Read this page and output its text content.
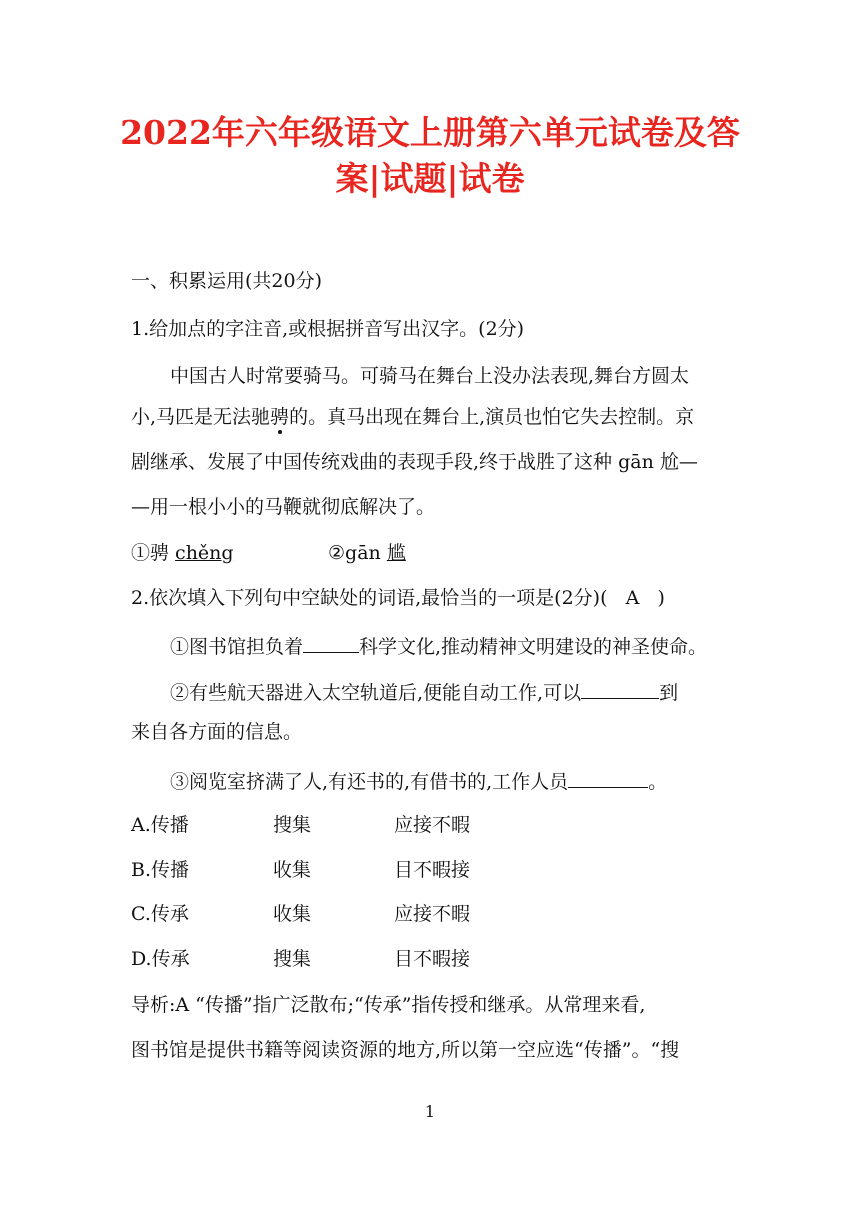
2022年六年级语文上册第六单元试卷及答
案|试题|试卷
一、积累运用(共20分)
1.给加点的字注音,或根据拼音写出汉字。(2分)
中国古人时常要骑马。可骑马在舞台上没办法表现,舞台方圆太
小,马匹是无法驰骋的。真马出现在舞台上,演员也怕它失去控制。京
剧继承、发展了中国传统戏曲的表现手段,终于战胜了这种 gān 尬—
—用一根小小的马鞭就彻底解决了。
①骋 chěng	②gān 尴
2.依次填入下列句中空缺处的词语,最恰当的一项是(2分)( A )
①图书馆担负着	科学文化,推动精神文明建设的神圣使命。
②有些航天器进入太空轨道后,便能自动工作,可以	到
来自各方面的信息。
③阅览室挤满了人,有还书的,有借书的,工作人员	。
A.传播	搜集	应接不暇
B.传播	收集	目不暇接
C.传承	收集	应接不暇
D.传承	搜集	目不暇接
导析:A “传播”指广泛散布;“传承”指传授和继承。从常理来看,
图书馆是提供书籍等阅读资源的地方,所以第一空应选“传播”。“搜
1
